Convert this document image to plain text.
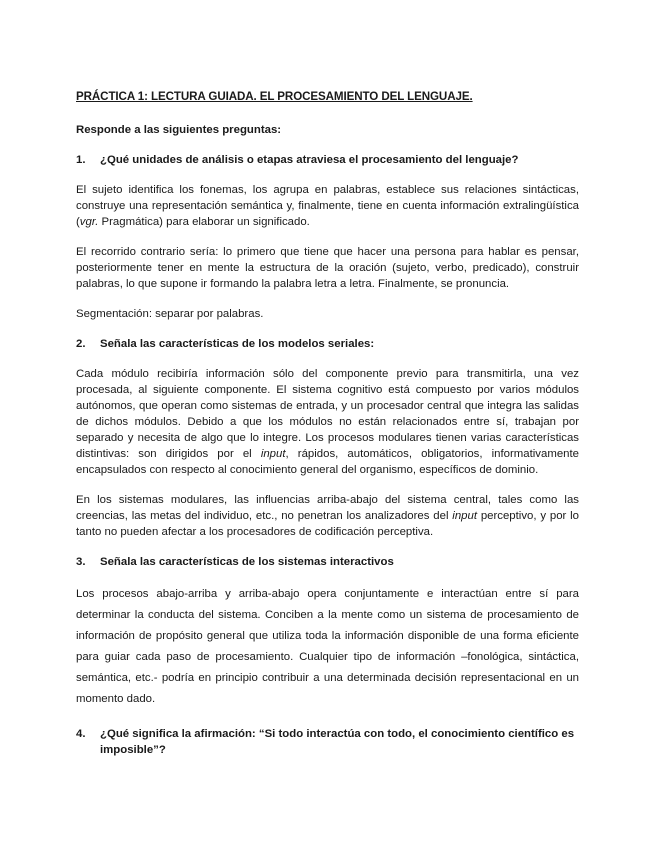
PRÁCTICA 1: LECTURA GUIADA. EL PROCESAMIENTO DEL LENGUAJE.

Responde a las siguientes preguntas:

1.	¿Qué unidades de análisis o etapas atraviesa el procesamiento del lenguaje?

El sujeto identifica los fonemas, los agrupa en palabras, establece sus relaciones sintácticas, construye una representación semántica y, finalmente, tiene en cuenta información extralingüística (vgr. Pragmática) para elaborar un significado.

El recorrido contrario sería: lo primero que tiene que hacer una persona para hablar es pensar, posteriormente tener en mente la estructura de la oración (sujeto, verbo, predicado), construir palabras, lo que supone ir formando la palabra letra a letra. Finalmente, se pronuncia.

Segmentación: separar por palabras.

2.	Señala las características de los modelos seriales:

Cada módulo recibiría información sólo del componente previo para transmitirla, una vez procesada, al siguiente componente. El sistema cognitivo está compuesto por varios módulos autónomos, que operan como sistemas de entrada, y un procesador central que integra las salidas de dichos módulos. Debido a que los módulos no están relacionados entre sí, trabajan por separado y necesita de algo que lo integre. Los procesos modulares tienen varias características distintivas: son dirigidos por el input, rápidos, automáticos, obligatorios, informativamente encapsulados con respecto al conocimiento general del organismo, específicos de dominio.

En los sistemas modulares, las influencias arriba-abajo del sistema central, tales como las creencias, las metas del individuo, etc., no penetran los analizadores del input perceptivo, y por lo tanto no pueden afectar a los procesadores de codificación perceptiva.

3.	Señala las características de los sistemas interactivos

Los procesos abajo-arriba y arriba-abajo opera conjuntamente e interactúan entre sí para determinar la conducta del sistema. Conciben a la mente como un sistema de procesamiento de información de propósito general que utiliza toda la información disponible de una forma eficiente para guiar cada paso de procesamiento. Cualquier tipo de información –fonológica, sintáctica, semántica, etc.- podría en principio contribuir a una determinada decisión representacional en un momento dado.

4.	¿Qué significa la afirmación: “Si todo interactúa con todo, el conocimiento científico es imposible”?
